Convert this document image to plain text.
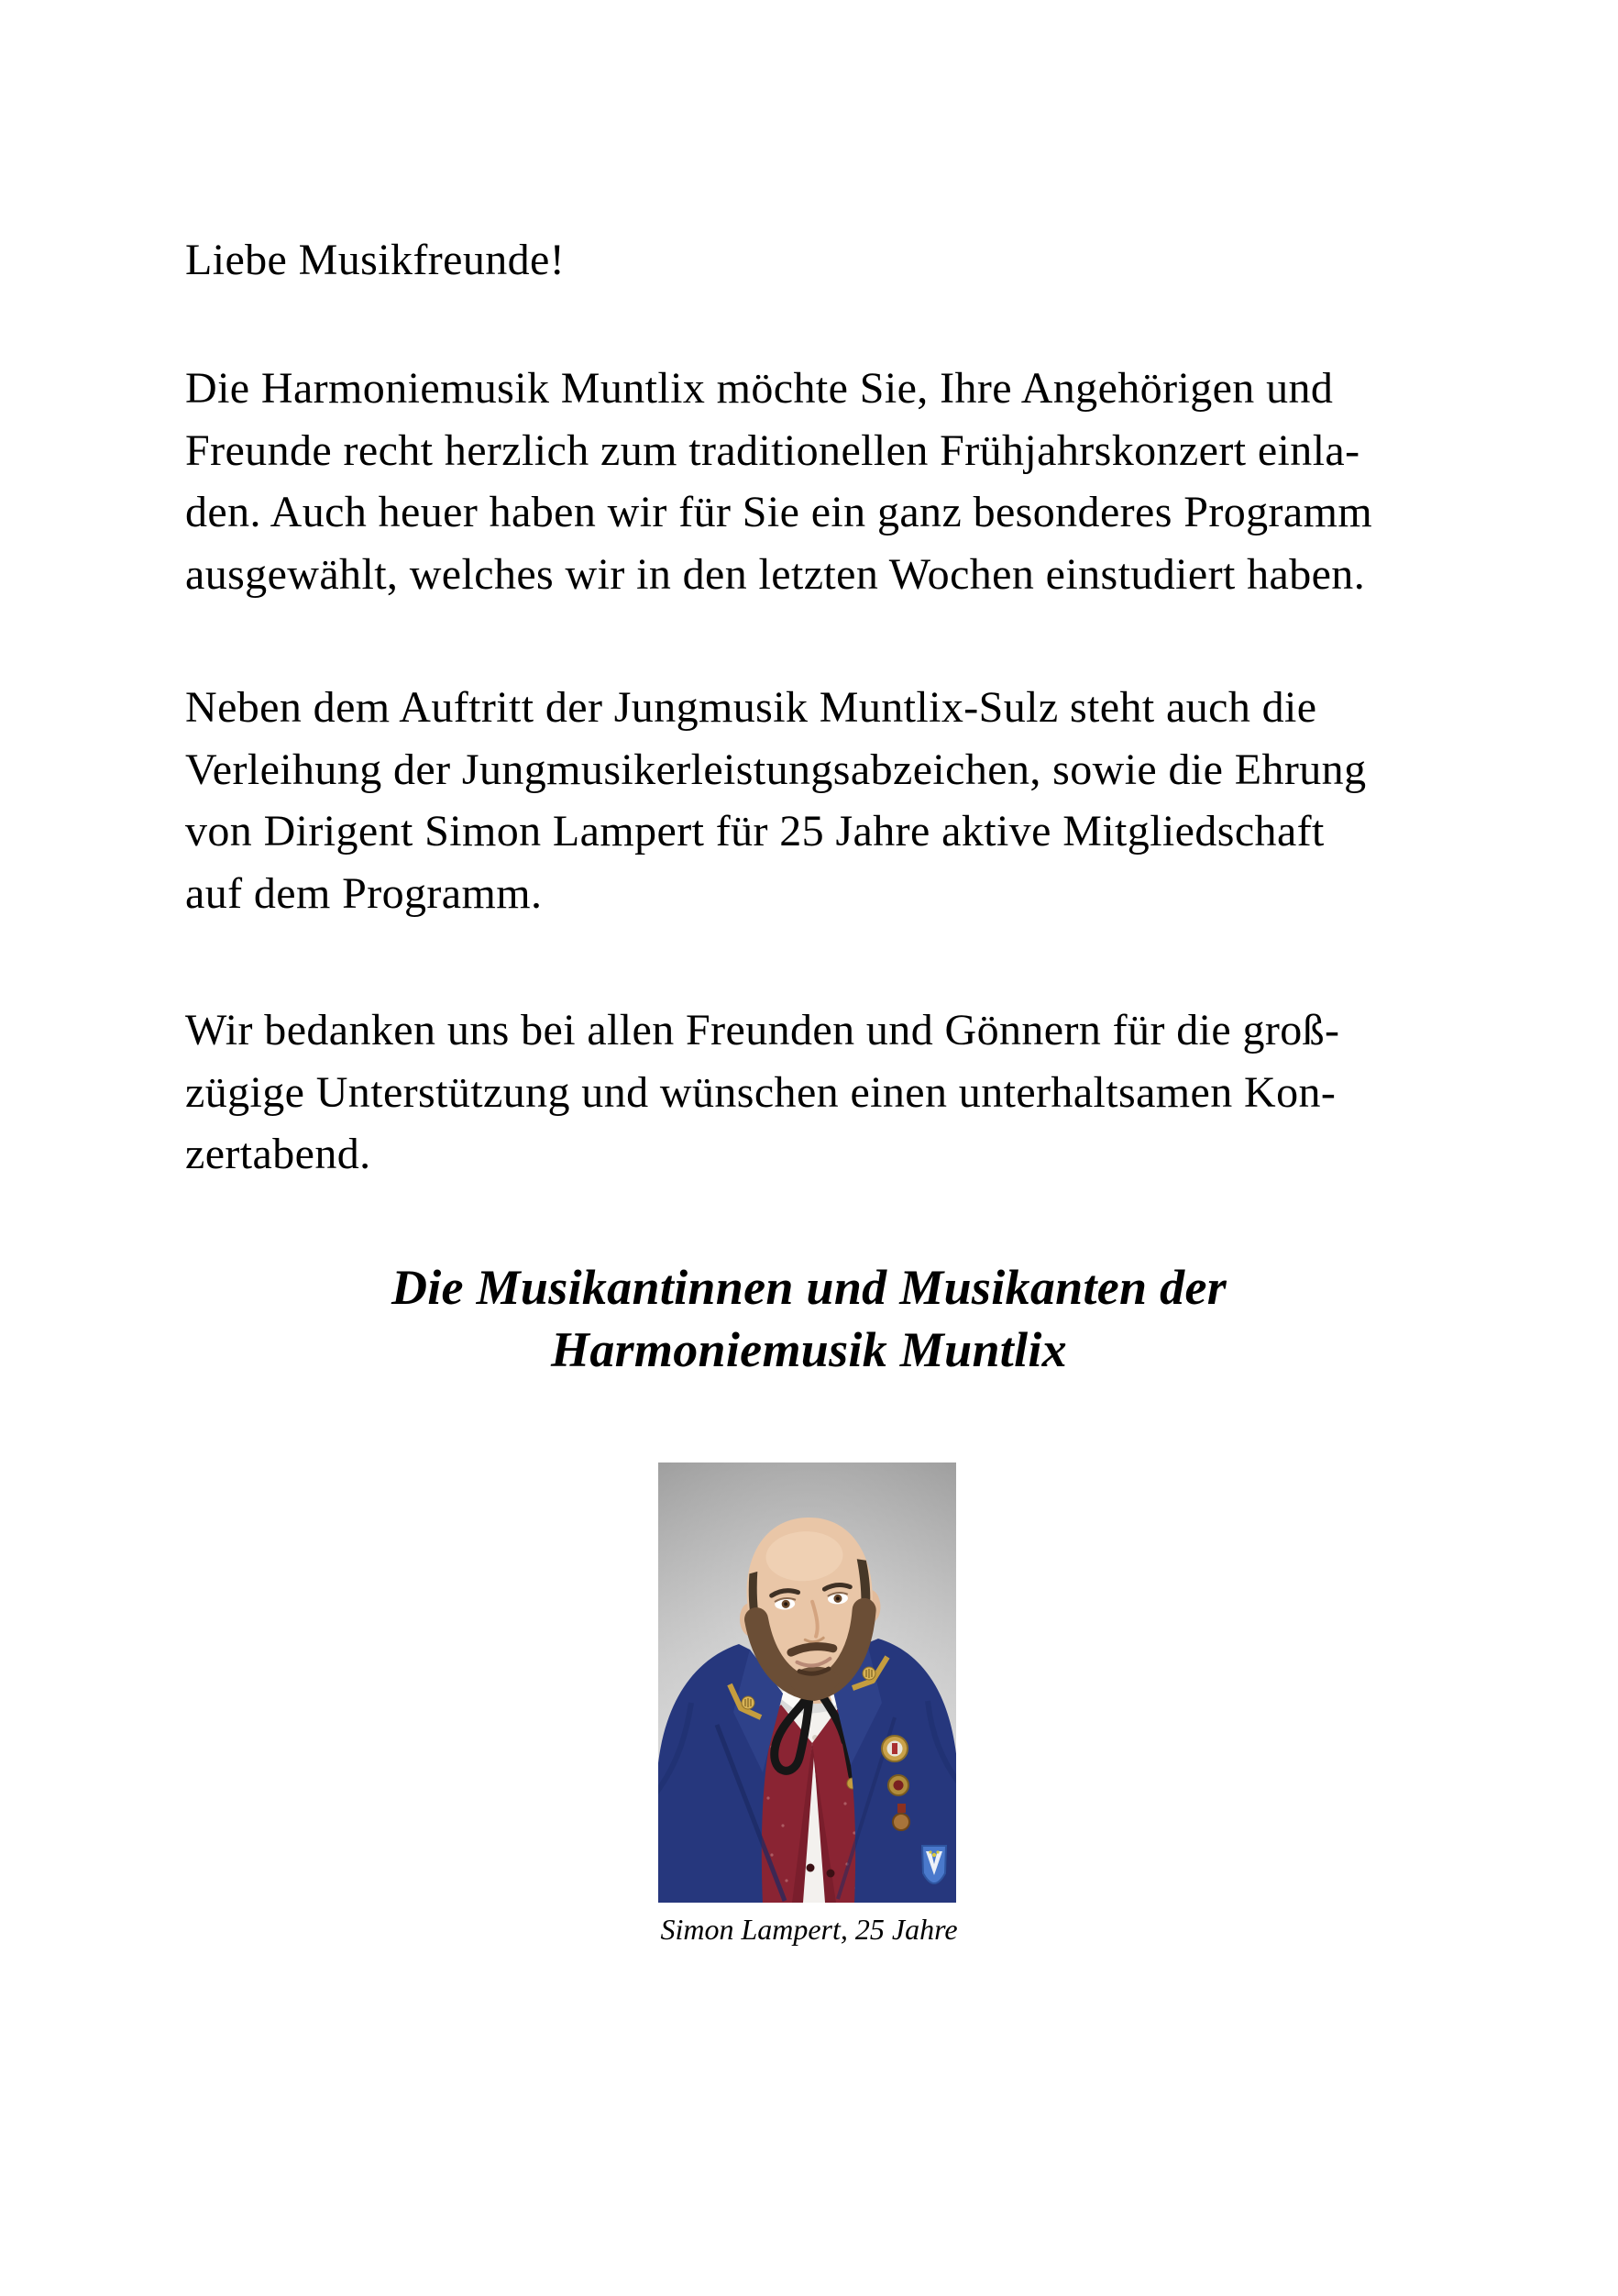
Liebe Musikfreunde!
Die Harmoniemusik Muntlix möchte Sie, Ihre Angehörigen und
Freunde recht herzlich zum traditionellen Frühjahrskonzert einla-
den. Auch heuer haben wir für Sie ein ganz besonderes Programm
ausgewählt, welches wir in den letzten Wochen einstudiert haben.
Neben dem Auftritt der Jungmusik Muntlix-Sulz steht auch die
Verleihung der Jungmusikerleistungsabzeichen, sowie die Ehrung
von Dirigent Simon Lampert für 25 Jahre aktive Mitgliedschaft
auf dem Programm.
Wir bedanken uns bei allen Freunden und Gönnern für die groß-
zügige Unterstützung und wünschen einen unterhaltsamen Kon-
zertabend.
Die Musikantinnen und Musikanten der
Harmoniemusik Muntlix
Simon Lampert, 25 Jahre
